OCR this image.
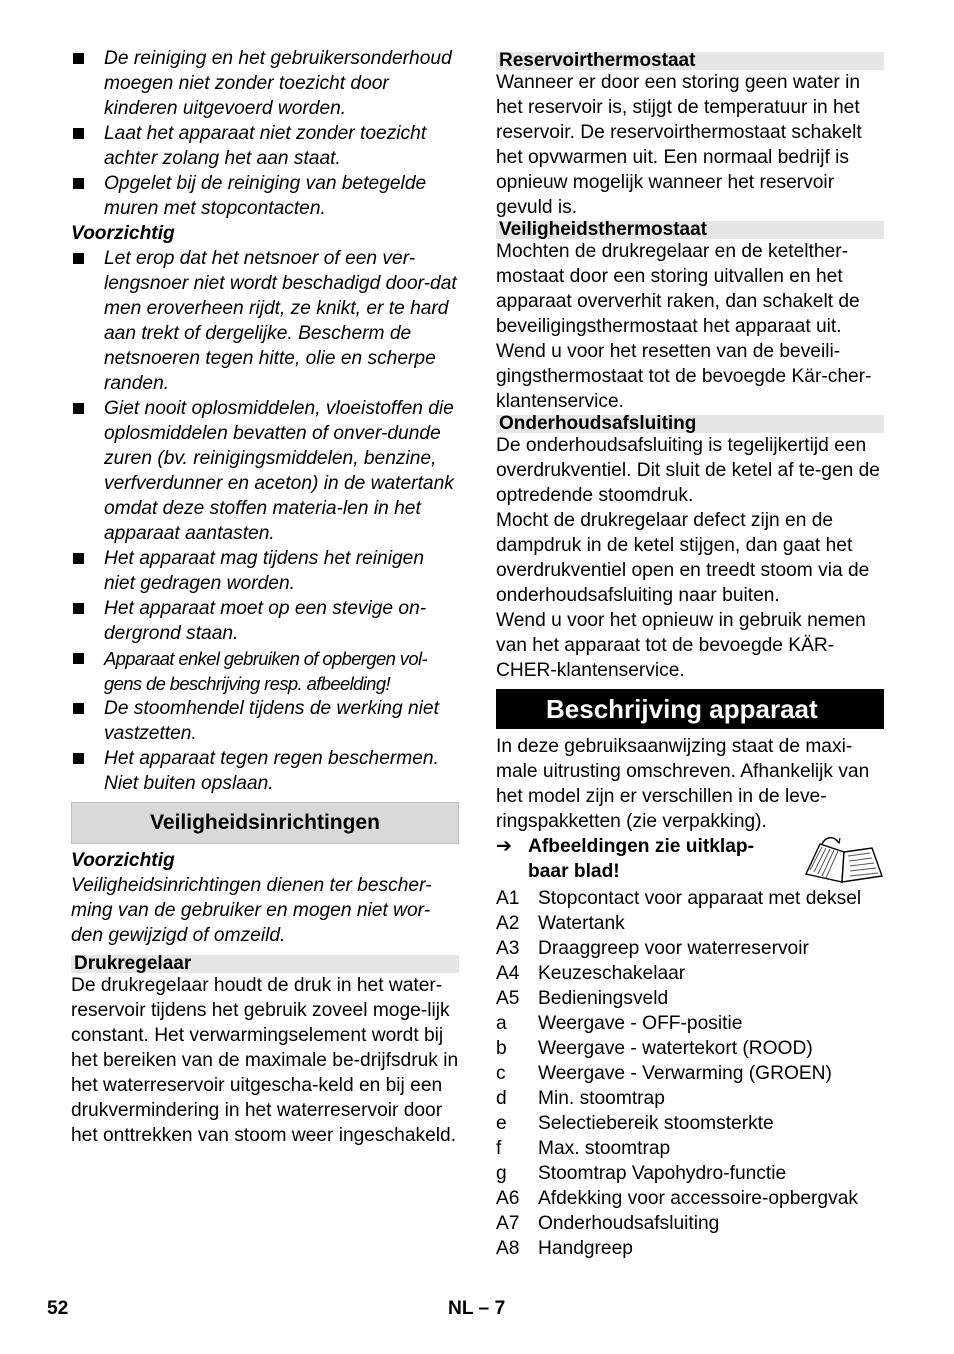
De reiniging en het gebruikersonderhoud moegen niet zonder toezicht door kinderen uitgevoerd worden.
Laat het apparaat niet zonder toezicht achter zolang het aan staat.
Opgelet bij de reiniging van betegelde muren met stopcontacten.
Voorzichtig
Let erop dat het netsnoer of een ver-lengsnoer niet wordt beschadigd door-dat men eroverheen rijdt, ze knikt, er te hard aan trekt of dergelijke. Bescherm de netsnoeren tegen hitte, olie en scherpe randen.
Giet nooit oplosmiddelen, vloeistoffen die oplosmiddelen bevatten of onver-dunde zuren (bv. reinigingsmiddelen, benzine, verfverdunner en aceton) in de watertank omdat deze stoffen materia-len in het apparaat aantasten.
Het apparaat mag tijdens het reinigen niet gedragen worden.
Het apparaat moet op een stevige on-dergrond staan.
Apparaat enkel gebruiken of opbergen vol-gens de beschrijving resp. afbeelding!
De stoomhendel tijdens de werking niet vastzetten.
Het apparaat tegen regen beschermen. Niet buiten opslaan.
Veiligheidsinrichtingen
Voorzichtig
Veiligheidsinrichtingen dienen ter bescher-ming van de gebruiker en mogen niet wor-den gewijzigd of omzeild.
Drukregelaar
De drukregelaar houdt de druk in het water-reservoir tijdens het gebruik zoveel moge-lijk constant. Het verwarmingselement wordt bij het bereiken van de maximale be-drijfsdruk in het waterreservoir uitgescha-keld en bij een drukvermindering in het waterreservoir door het onttrekken van stoom weer ingeschakeld.
Reservoirthermostaat
Wanneer er door een storing geen water in het reservoir is, stijgt de temperatuur in het reservoir. De reservoirthermostaat schakelt het opvwarmen uit. Een normaal bedrijf is opnieuw mogelijk wanneer het reservoir gevuld is.
Veiligheidsthermostaat
Mochten de drukregelaar en de ketelther-mostaat door een storing uitvallen en het apparaat oververhit raken, dan schakelt de beveiligingsthermostaat het apparaat uit. Wend u voor het resetten van de beveili-gingsthermostaat tot de bevoegde Kär-cher-klantenservice.
Onderhoudsafsluiting
De onderhoudsafsluiting is tegelijkertijd een overdrukventiel. Dit sluit de ketel af te-gen de optredende stoomdruk.
Mocht de drukregelaar defect zijn en de dampdruk in de ketel stijgen, dan gaat het overdrukventiel open en treedt stoom via de onderhoudsafsluiting naar buiten.
Wend u voor het opnieuw in gebruik nemen van het apparaat tot de bevoegde KÄR-CHER-klantenservice.
Beschrijving apparaat
In deze gebruiksaanwijzing staat de maxi-male uitrusting omschreven. Afhankelijk van het model zijn er verschillen in de leve-ringspakketten (zie verpakking).
➔ Afbeeldingen zie uitklap-baar blad!
A1 Stopcontact voor apparaat met deksel
A2 Watertank
A3 Draaggreep voor waterreservoir
A4 Keuzeschakelaar
A5 Bedieningsveld
a	Weergave - OFF-positie
b	Weergave - watertekort (ROOD)
c	Weergave - Verwarming (GROEN)
d	Min. stoomtrap
e	Selectiebereik stoomsterkte
f	Max. stoomtrap
g	Stoomtrap Vapohydro-functie
A6 Afdekking voor accessoire-opbergvak
A7 Onderhoudsafsluiting
A8 Handgreep
52	NL – 7
